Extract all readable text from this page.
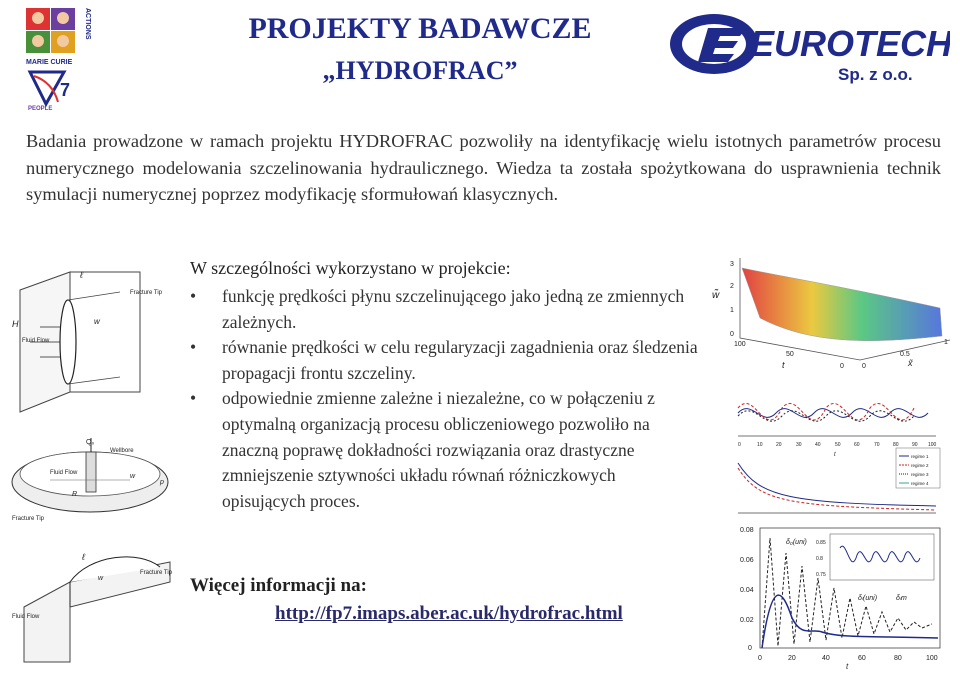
MARIE CURIE
ACTIONS
7
PEOPLE
PROJEKTY BADAWCZE
„HYDROFRAC”
EUROTECH
Sp. z o.o.

Badania prowadzone w ramach projektu HYDROFRAC pozwoliły na identyfikację wielu istotnych parametrów procesu numerycznego modelowania szczelinowania hydraulicznego. Wiedza ta została spożytkowana do usprawnienia technik symulacji numerycznej poprzez modyfikację sformułowań klasycznych.

W szczególności wykorzystano w projekcie:
• funkcję prędkości płynu szczelinującego jako jedną ze zmiennych zależnych.
• równanie prędkości w celu regularyzacji zagadnienia oraz śledzenia propagacji frontu szczeliny.
• odpowiednie zmienne zależne i niezależne, co w połączeniu z optymalną organizacją procesu obliczeniowego pozwoliło na znaczną poprawę dokładności rozwiązania oraz drastyczne zmniejszenie sztywności układu równań różniczkowych opisujących proces.
Więcej informacji na:
http://fp7.imaps.aber.ac.uk/hydrofrac.html
Fracture Tip
Fluid Flow
H
ℓ
w
Q₀
Wellbore
Fluid Flow
Fracture Tip
w
p
R
Fracture Tip
Fluid Flow
ℓ
w
3
2
1
0
w̃
100
50
0
t	0
0.5
1
x̃
0	10	20	30	40	50	60	70	80	90 100
t	regime 1
regime 2
regime 3
regime 4
0.08
0.06
0.04
0.02
0
0.85
0.8
0.75
δ₀(uni)
δₗ(uni)	δₗm
0	20	40	60	80	100
t
